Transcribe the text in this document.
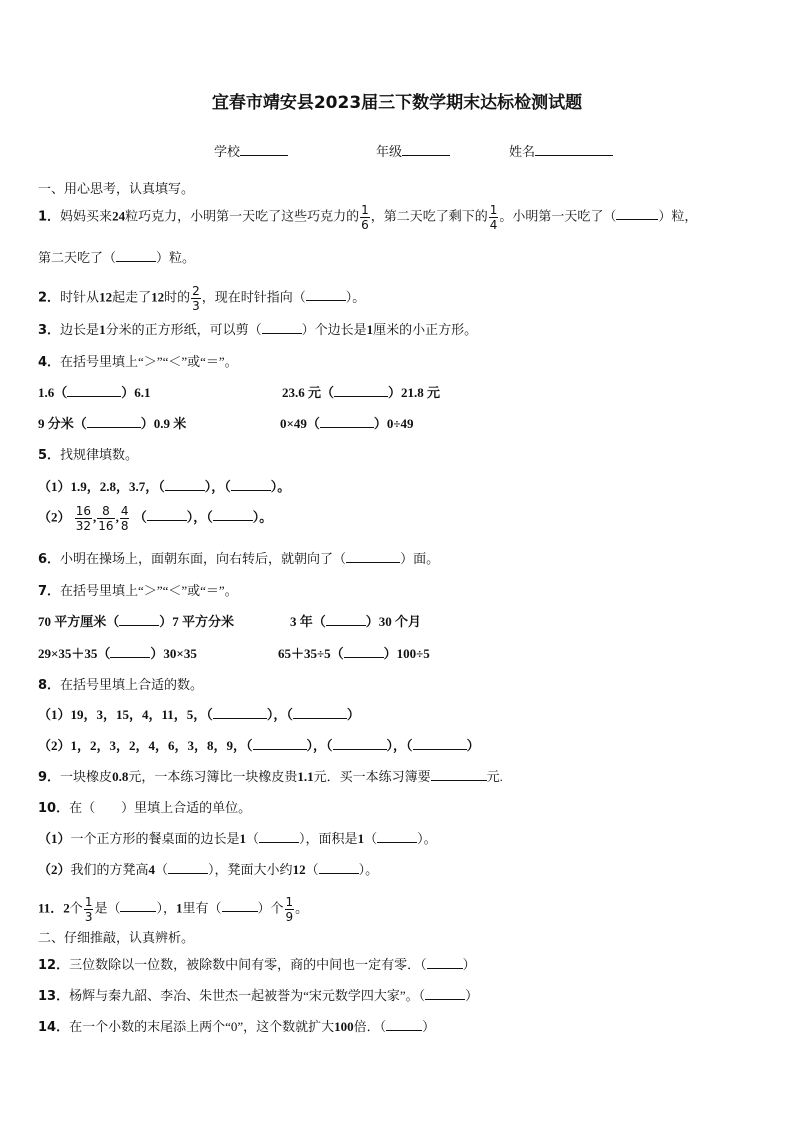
宜春市靖安县2023届三下数学期末达标检测试题
学校	年级	姓名
一、用心思考，认真填写。
1．妈妈买来24粒巧克力，小明第一天吃了这些巧克力的 $\frac{1}{6}$ ，第二天吃了剩下的 $\frac{1}{4}$ 。小明第一天吃了（	）粒，
第二天吃了（	）粒。
2．时针从12起走了12时的 $\frac{2}{3}$ ，现在时针指向（	）。
3．边长是1分米的正方形纸，可以剪（	）个边长是1厘米的小正方形。
4．在括号里填上“＞”“＜”或“＝”。
1.6（	）6.1	23.6 元（	）21.8 元
9 分米（	）0.9 米	0×49（	）0÷49
5．找规律填数。
（1）1.9，2.8，3.7，（	），（	）。
$(2) \frac{16}{32}$ , $\frac{8}{16}$ , $\frac{4}{8}$ （	），（	）。
6．小明在操场上，面朝东面，向右转后，就朝向了（	）面。
7．在括号里填上“＞”“＜”或“＝”。
70 平方厘米（	）7 平方分米	3 年（	）30 个月
29×35＋35（	）30×35	65＋35÷5（	）100÷5
8．在括号里填上合适的数。
（1）19，3，15，4，11，5，（	），（	）
（2）1，2，3，2，4，6，3，8，9，（	），（	），（	）
9．一块橡皮0.8元，一本练习簿比一块橡皮贵1.1元．买一本练习簿要	元.
10．在（　　）里填上合适的单位。
（1）一个正方形的餐桌面的边长是1（	），面积是1（	）。
（2）我们的方凳高4（	），凳面大小约12（	）。
11．2个 $\frac{1}{3}$ 是（	），1里有（	）个 $\frac{1}{9}$ 。
二、仔细推敲，认真辨析。
12．三位数除以一位数，被除数中间有零，商的中间也一定有零．（	）
13．杨辉与秦九韶、李冶、朱世杰一起被誉为“宋元数学四大家”。（	）
14．在一个小数的末尾添上两个“0”，这个数就扩大100倍．（	）
